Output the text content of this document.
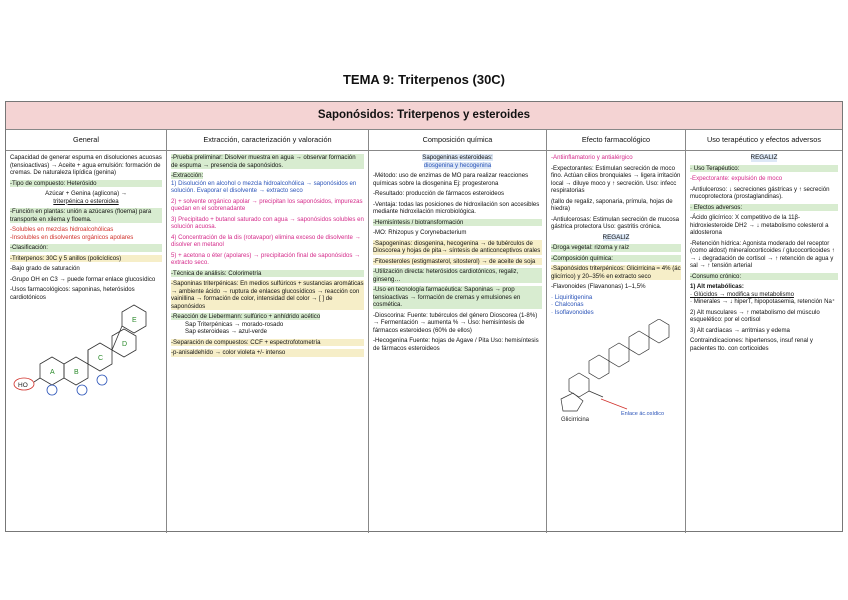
TEMA 9: Triterpenos (30C)
Saponósidos: Triterpenos y esteroides
General	Extracción, caracterización y valoración	Composición química	Efecto farmacológico	Uso terapéutico y efectos adversos

Capacidad de generar espuma en disoluciones acuosas (tensioactivas) → Aceite + agua emulsión: formación de cremas. De naturaleza lipídica (genina)

-Tipo de compuesto: Heterósido

Azúcar + Genina (aglicona) →
triterpénica o esteroidea

-Función en plantas: unión a azúcares (floema) para transporte en xilema y floema.

-Solubles en mezclas hidroalcohólicas
-Insolubles en disolventes orgánicos apolares

-Clasificación:

-Triterpenos: 30C y 5 anillos (policíclicos)

-Bajo grado de saturación

-Grupo OH en C3 → puede formar enlace glucosídico

-Usos farmacológicos: saponinas, heterósidos cardiotónicos

A	B
C
D
E
HO

-Prueba preliminar: Disolver muestra en agua → observar formación de espuma → presencia de saponósidos.

-Extracción:
1) Disolución en alcohol o mezcla hidroalcohólica → saponósidos en solución. Evaporar el disolvente → extracto seco

2) + solvente orgánico apolar → precipitan los saponósidos, impurezas quedan en el sobrenadante

3) Precipitado + butanol saturado con agua → saponósidos solubles en solución acuosa.

4) Concentración de la dis (rotavapor) elimina exceso de disolvente → disolver en metanol

5) + acetona o éter (apolares) → precipitación final de saponósidos → extracto seco.

-Técnica de análisis: Colorimetría

-Saponinas triterpénicas: En medios sulfúricos + sustancias aromáticas → ambiente ácido → ruptura de enlaces glucosídicos → reacción con vainillina → formación de color, intensidad del color → [ ] de saponósidos

-Reacción de Liebermann: sulfúrico + anhídrido acético
Sap Triterpénicas → morado-rosado
Sap esteroideas → azul-verde

-Separación de compuestos: CCF + espectrofotometría

-p-anisaldehído → color violeta +/- intenso

Sapogeninas esteroideas:
diosgenina y hecogenina

-Método: uso de enzimas de MO para realizar reacciones químicas sobre la diosgenina Ej: progesterona

-Resultado: producción de fármacos esteroideos

-Ventaja: todas las posiciones de hidroxilación son accesibles mediante hidroxilación microbiológica.

-Hemisíntesis / biotransformación

-MO: Rhizopus y Corynebacterium

-Sapogeninas: diosgenina, hecogenina → de tubérculos de Dioscorea y hojas de pita→ síntesis de anticonceptivos orales

-Fitoesteroles (estigmasterol, sitosterol) → de aceite de soja

-Utilización directa: heterósidos cardiotónicos, regaliz, ginseng…

-Uso en tecnología farmacéutica: Saponinas → prop tensioactivas → formación de cremas y emulsiones en cosmética.

-Dioscorina: Fuente: tubérculos del género Dioscorea (1-8%) → Fermentación → aumenta % → Uso: hemisíntesis de fármacos esteroideos (60% de ellos)

-Hecogenina Fuente: hojas de Agave / Pita Uso: hemisíntesis de fármacos esteroideos

-Antiinflamatorio y antialérgico

-Expectorantes: Estimulan secreción de moco fino. Actúan cilios bronquiales → ligera irritación local → diluye moco y ↑ secreción. Uso: infecc respiratorias

(tallo de regaliz, saponaria, prímula, hojas de hiedra)

-Antiulcerosas: Estimulan secreción de mucosa gástrica protectora Uso: gastritis crónica.

REGALIZ

-Droga vegetal: rizoma y raíz

-Composición química:

-Saponósidos triterpénicos: Glicirricina ≈ 4% (ác glicírrico) y 20–35% en extracto seco

-Flavonoides (Flavanonas) 1–1,5%

· Liquiritigenina
· Chalconas
· Isoflavonoides

Glicirricina
Enlace ác.osídico

REGALIZ

· Uso Terapéutico:

-Expectorante: expulsión de moco

-Antiulceroso: ↓ secreciones gástricas y ↑ secreción mucoprotectora (prostaglandinas).

· Efectos adversos:

-Ácido glicírrico: X competitivo de la 11β-hidroxiesteroide DH2 → ↓ metabolismo colesterol a aldosterona

-Retención hídrica: Agonista moderado del receptor (como aldost) mineralocorticoides / glucocorticoides ↑ → ↓ degradación de cortisol → ↑ retención de agua y sal → ↑ tensión arterial

-Consumo crónico:

1) Alt metabólicas:
· Glúcidos → modifica su metabolismo
· Minerales → ↓ hiperT, hipopotasemia, retención Na⁺

2) Alt musculares → ↑ metabolismo del músculo esquelético: por el cortisol

3) Alt cardíacas → arritmias y edema

Contraindicaciones: hipertensos, insuf renal y pacientes tto. con corticoides
